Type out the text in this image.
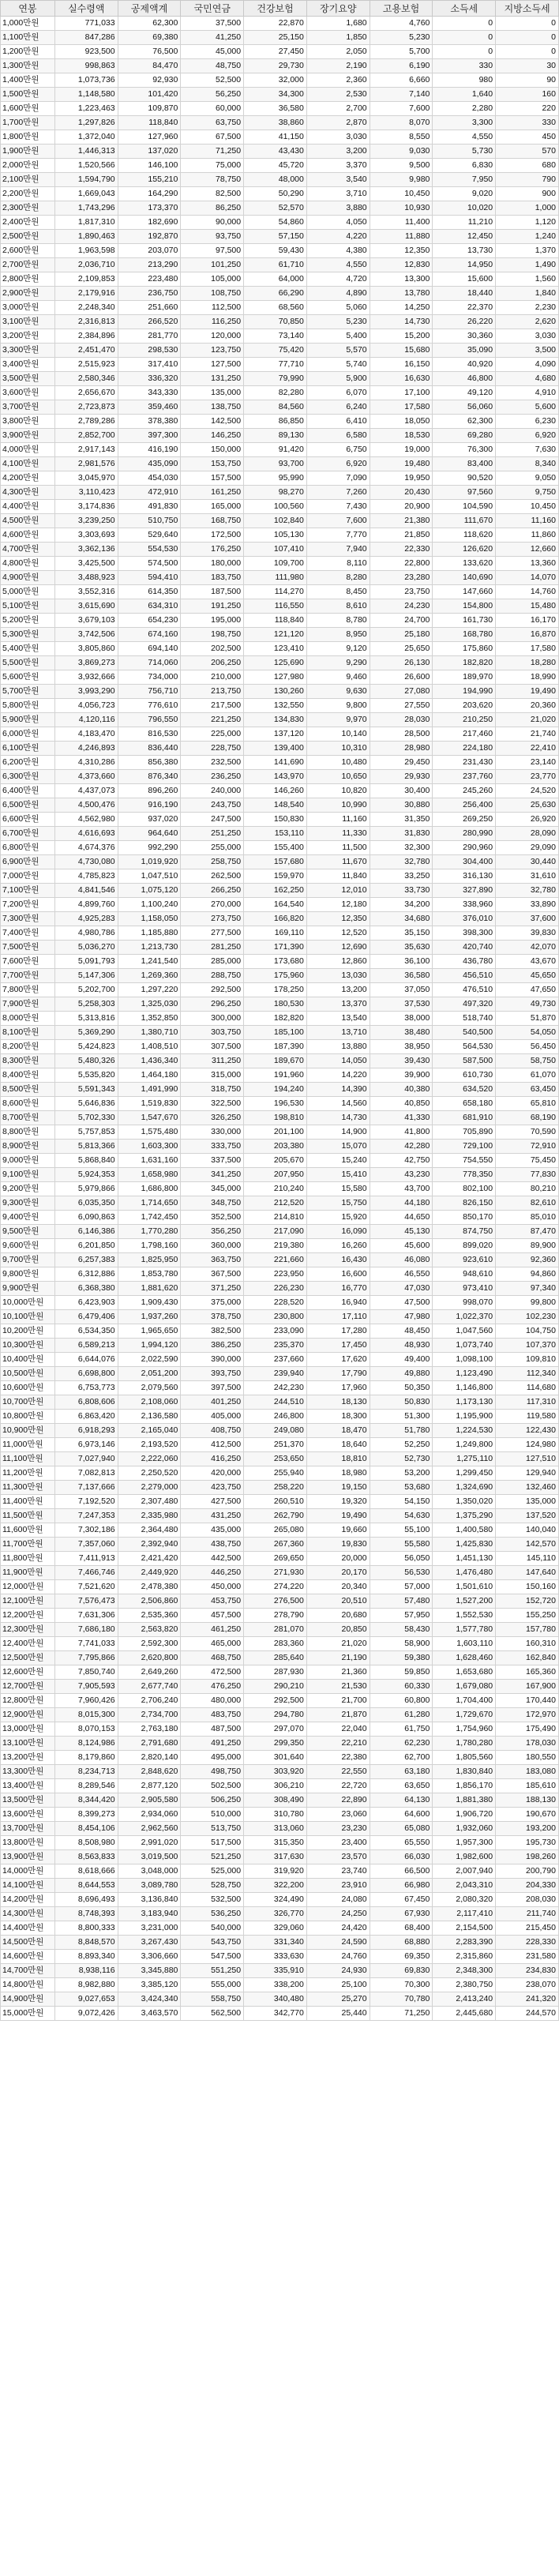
연봉	실수령액	공제액계	국민연금	건강보험	장기요양	고용보험	소득세	지방소득세
1,000만원	771,033	62,300	37,500	22,870	1,680	4,760	0	0
1,100만원	847,286	69,380	41,250	25,150	1,850	5,230	0	0
1,200만원	923,500	76,500	45,000	27,450	2,050	5,700	0	0
1,300만원	998,863	84,470	48,750	29,730	2,190	6,190	330	30
1,400만원	1,073,736	92,930	52,500	32,000	2,360	6,660	980	90
1,500만원	1,148,580	101,420	56,250	34,300	2,530	7,140	1,640	160
1,600만원	1,223,463	109,870	60,000	36,580	2,700	7,600	2,280	220
1,700만원	1,297,826	118,840	63,750	38,860	2,870	8,070	3,300	330
1,800만원	1,372,040	127,960	67,500	41,150	3,030	8,550	4,550	450
1,900만원	1,446,313	137,020	71,250	43,430	3,200	9,030	5,730	570
2,000만원	1,520,566	146,100	75,000	45,720	3,370	9,500	6,830	680
2,100만원	1,594,790	155,210	78,750	48,000	3,540	9,980	7,950	790
2,200만원	1,669,043	164,290	82,500	50,290	3,710	10,450	9,020	900
2,300만원	1,743,296	173,370	86,250	52,570	3,880	10,930	10,020	1,000
2,400만원	1,817,310	182,690	90,000	54,860	4,050	11,400	11,210	1,120
2,500만원	1,890,463	192,870	93,750	57,150	4,220	11,880	12,450	1,240
2,600만원	1,963,598	203,070	97,500	59,430	4,380	12,350	13,730	1,370
2,700만원	2,036,710	213,290	101,250	61,710	4,550	12,830	14,950	1,490
2,800만원	2,109,853	223,480	105,000	64,000	4,720	13,300	15,600	1,560
2,900만원	2,179,916	236,750	108,750	66,290	4,890	13,780	18,440	1,840
3,000만원	2,248,340	251,660	112,500	68,560	5,060	14,250	22,370	2,230
3,100만원	2,316,813	266,520	116,250	70,850	5,230	14,730	26,220	2,620
3,200만원	2,384,896	281,770	120,000	73,140	5,400	15,200	30,360	3,030
3,300만원	2,451,470	298,530	123,750	75,420	5,570	15,680	35,090	3,500
3,400만원	2,515,923	317,410	127,500	77,710	5,740	16,150	40,920	4,090
3,500만원	2,580,346	336,320	131,250	79,990	5,900	16,630	46,800	4,680
3,600만원	2,656,670	343,330	135,000	82,280	6,070	17,100	49,120	4,910
3,700만원	2,723,873	359,460	138,750	84,560	6,240	17,580	56,060	5,600
3,800만원	2,789,286	378,380	142,500	86,850	6,410	18,050	62,300	6,230
3,900만원	2,852,700	397,300	146,250	89,130	6,580	18,530	69,280	6,920
4,000만원	2,917,143	416,190	150,000	91,420	6,750	19,000	76,300	7,630
4,100만원	2,981,576	435,090	153,750	93,700	6,920	19,480	83,400	8,340
4,200만원	3,045,970	454,030	157,500	95,990	7,090	19,950	90,520	9,050
4,300만원	3,110,423	472,910	161,250	98,270	7,260	20,430	97,560	9,750
4,400만원	3,174,836	491,830	165,000	100,560	7,430	20,900	104,590	10,450
4,500만원	3,239,250	510,750	168,750	102,840	7,600	21,380	111,670	11,160
4,600만원	3,303,693	529,640	172,500	105,130	7,770	21,850	118,620	11,860
4,700만원	3,362,136	554,530	176,250	107,410	7,940	22,330	126,620	12,660
4,800만원	3,425,500	574,500	180,000	109,700	8,110	22,800	133,620	13,360
4,900만원	3,488,923	594,410	183,750	111,980	8,280	23,280	140,690	14,070
5,000만원	3,552,316	614,350	187,500	114,270	8,450	23,750	147,660	14,760
5,100만원	3,615,690	634,310	191,250	116,550	8,610	24,230	154,800	15,480
5,200만원	3,679,103	654,230	195,000	118,840	8,780	24,700	161,730	16,170
5,300만원	3,742,506	674,160	198,750	121,120	8,950	25,180	168,780	16,870
5,400만원	3,805,860	694,140	202,500	123,410	9,120	25,650	175,860	17,580
5,500만원	3,869,273	714,060	206,250	125,690	9,290	26,130	182,820	18,280
5,600만원	3,932,666	734,000	210,000	127,980	9,460	26,600	189,970	18,990
5,700만원	3,993,290	756,710	213,750	130,260	9,630	27,080	194,990	19,490
5,800만원	4,056,723	776,610	217,500	132,550	9,800	27,550	203,620	20,360
5,900만원	4,120,116	796,550	221,250	134,830	9,970	28,030	210,250	21,020
6,000만원	4,183,470	816,530	225,000	137,120	10,140	28,500	217,460	21,740
6,100만원	4,246,893	836,440	228,750	139,400	10,310	28,980	224,180	22,410
6,200만원	4,310,286	856,380	232,500	141,690	10,480	29,450	231,430	23,140
6,300만원	4,373,660	876,340	236,250	143,970	10,650	29,930	237,760	23,770
6,400만원	4,437,073	896,260	240,000	146,260	10,820	30,400	245,260	24,520
6,500만원	4,500,476	916,190	243,750	148,540	10,990	30,880	256,400	25,630
6,600만원	4,562,980	937,020	247,500	150,830	11,160	31,350	269,250	26,920
6,700만원	4,616,693	964,640	251,250	153,110	11,330	31,830	280,990	28,090
6,800만원	4,674,376	992,290	255,000	155,400	11,500	32,300	290,960	29,090
6,900만원	4,730,080	1,019,920	258,750	157,680	11,670	32,780	304,400	30,440
7,000만원	4,785,823	1,047,510	262,500	159,970	11,840	33,250	316,130	31,610
7,100만원	4,841,546	1,075,120	266,250	162,250	12,010	33,730	327,890	32,780
7,200만원	4,899,760	1,100,240	270,000	164,540	12,180	34,200	338,960	33,890
7,300만원	4,925,283	1,158,050	273,750	166,820	12,350	34,680	376,010	37,600
7,400만원	4,980,786	1,185,880	277,500	169,110	12,520	35,150	398,300	39,830
7,500만원	5,036,270	1,213,730	281,250	171,390	12,690	35,630	420,740	42,070
7,600만원	5,091,793	1,241,540	285,000	173,680	12,860	36,100	436,780	43,670
7,700만원	5,147,306	1,269,360	288,750	175,960	13,030	36,580	456,510	45,650
7,800만원	5,202,700	1,297,220	292,500	178,250	13,200	37,050	476,510	47,650
7,900만원	5,258,303	1,325,030	296,250	180,530	13,370	37,530	497,320	49,730
8,000만원	5,313,816	1,352,850	300,000	182,820	13,540	38,000	518,740	51,870
8,100만원	5,369,290	1,380,710	303,750	185,100	13,710	38,480	540,500	54,050
8,200만원	5,424,823	1,408,510	307,500	187,390	13,880	38,950	564,530	56,450
8,300만원	5,480,326	1,436,340	311,250	189,670	14,050	39,430	587,500	58,750
8,400만원	5,535,820	1,464,180	315,000	191,960	14,220	39,900	610,730	61,070
8,500만원	5,591,343	1,491,990	318,750	194,240	14,390	40,380	634,520	63,450
8,600만원	5,646,836	1,519,830	322,500	196,530	14,560	40,850	658,180	65,810
8,700만원	5,702,330	1,547,670	326,250	198,810	14,730	41,330	681,910	68,190
8,800만원	5,757,853	1,575,480	330,000	201,100	14,900	41,800	705,890	70,590
8,900만원	5,813,366	1,603,300	333,750	203,380	15,070	42,280	729,100	72,910
9,000만원	5,868,840	1,631,160	337,500	205,670	15,240	42,750	754,550	75,450
9,100만원	5,924,353	1,658,980	341,250	207,950	15,410	43,230	778,350	77,830
9,200만원	5,979,866	1,686,800	345,000	210,240	15,580	43,700	802,100	80,210
9,300만원	6,035,350	1,714,650	348,750	212,520	15,750	44,180	826,150	82,610
9,400만원	6,090,863	1,742,450	352,500	214,810	15,920	44,650	850,170	85,010
9,500만원	6,146,386	1,770,280	356,250	217,090	16,090	45,130	874,750	87,470
9,600만원	6,201,850	1,798,160	360,000	219,380	16,260	45,600	899,020	89,900
9,700만원	6,257,383	1,825,950	363,750	221,660	16,430	46,080	923,610	92,360
9,800만원	6,312,886	1,853,780	367,500	223,950	16,600	46,550	948,610	94,860
9,900만원	6,368,380	1,881,620	371,250	226,230	16,770	47,030	973,410	97,340
10,000만원	6,423,903	1,909,430	375,000	228,520	16,940	47,500	998,070	99,800
10,100만원	6,479,406	1,937,260	378,750	230,800	17,110	47,980	1,022,370	102,230
10,200만원	6,534,350	1,965,650	382,500	233,090	17,280	48,450	1,047,560	104,750
10,300만원	6,589,213	1,994,120	386,250	235,370	17,450	48,930	1,073,740	107,370
10,400만원	6,644,076	2,022,590	390,000	237,660	17,620	49,400	1,098,100	109,810
10,500만원	6,698,800	2,051,200	393,750	239,940	17,790	49,880	1,123,490	112,340
10,600만원	6,753,773	2,079,560	397,500	242,230	17,960	50,350	1,146,800	114,680
10,700만원	6,808,606	2,108,060	401,250	244,510	18,130	50,830	1,173,130	117,310
10,800만원	6,863,420	2,136,580	405,000	246,800	18,300	51,300	1,195,900	119,580
10,900만원	6,918,293	2,165,040	408,750	249,080	18,470	51,780	1,224,530	122,430
11,000만원	6,973,146	2,193,520	412,500	251,370	18,640	52,250	1,249,800	124,980
11,100만원	7,027,940	2,222,060	416,250	253,650	18,810	52,730	1,275,110	127,510
11,200만원	7,082,813	2,250,520	420,000	255,940	18,980	53,200	1,299,450	129,940
11,300만원	7,137,666	2,279,000	423,750	258,220	19,150	53,680	1,324,690	132,460
11,400만원	7,192,520	2,307,480	427,500	260,510	19,320	54,150	1,350,020	135,000
11,500만원	7,247,353	2,335,980	431,250	262,790	19,490	54,630	1,375,290	137,520
11,600만원	7,302,186	2,364,480	435,000	265,080	19,660	55,100	1,400,580	140,040
11,700만원	7,357,060	2,392,940	438,750	267,360	19,830	55,580	1,425,830	142,570
11,800만원	7,411,913	2,421,420	442,500	269,650	20,000	56,050	1,451,130	145,110
11,900만원	7,466,746	2,449,920	446,250	271,930	20,170	56,530	1,476,480	147,640
12,000만원	7,521,620	2,478,380	450,000	274,220	20,340	57,000	1,501,610	150,160
12,100만원	7,576,473	2,506,860	453,750	276,500	20,510	57,480	1,527,200	152,720
12,200만원	7,631,306	2,535,360	457,500	278,790	20,680	57,950	1,552,530	155,250
12,300만원	7,686,180	2,563,820	461,250	281,070	20,850	58,430	1,577,780	157,780
12,400만원	7,741,033	2,592,300	465,000	283,360	21,020	58,900	1,603,110	160,310
12,500만원	7,795,866	2,620,800	468,750	285,640	21,190	59,380	1,628,460	162,840
12,600만원	7,850,740	2,649,260	472,500	287,930	21,360	59,850	1,653,680	165,360
12,700만원	7,905,593	2,677,740	476,250	290,210	21,530	60,330	1,679,080	167,900
12,800만원	7,960,426	2,706,240	480,000	292,500	21,700	60,800	1,704,400	170,440
12,900만원	8,015,300	2,734,700	483,750	294,780	21,870	61,280	1,729,670	172,970
13,000만원	8,070,153	2,763,180	487,500	297,070	22,040	61,750	1,754,960	175,490
13,100만원	8,124,986	2,791,680	491,250	299,350	22,210	62,230	1,780,280	178,030
13,200만원	8,179,860	2,820,140	495,000	301,640	22,380	62,700	1,805,560	180,550
13,300만원	8,234,713	2,848,620	498,750	303,920	22,550	63,180	1,830,840	183,080
13,400만원	8,289,546	2,877,120	502,500	306,210	22,720	63,650	1,856,170	185,610
13,500만원	8,344,420	2,905,580	506,250	308,490	22,890	64,130	1,881,380	188,130
13,600만원	8,399,273	2,934,060	510,000	310,780	23,060	64,600	1,906,720	190,670
13,700만원	8,454,106	2,962,560	513,750	313,060	23,230	65,080	1,932,060	193,200
13,800만원	8,508,980	2,991,020	517,500	315,350	23,400	65,550	1,957,300	195,730
13,900만원	8,563,833	3,019,500	521,250	317,630	23,570	66,030	1,982,600	198,260
14,000만원	8,618,666	3,048,000	525,000	319,920	23,740	66,500	2,007,940	200,790
14,100만원	8,644,553	3,089,780	528,750	322,200	23,910	66,980	2,043,310	204,330
14,200만원	8,696,493	3,136,840	532,500	324,490	24,080	67,450	2,080,320	208,030
14,300만원	8,748,393	3,183,940	536,250	326,770	24,250	67,930	2,117,410	211,740
14,400만원	8,800,333	3,231,000	540,000	329,060	24,420	68,400	2,154,500	215,450
14,500만원	8,848,570	3,267,430	543,750	331,340	24,590	68,880	2,283,390	228,330
14,600만원	8,893,340	3,306,660	547,500	333,630	24,760	69,350	2,315,860	231,580
14,700만원	8,938,116	3,345,880	551,250	335,910	24,930	69,830	2,348,300	234,830
14,800만원	8,982,880	3,385,120	555,000	338,200	25,100	70,300	2,380,750	238,070
14,900만원	9,027,653	3,424,340	558,750	340,480	25,270	70,780	2,413,240	241,320
15,000만원	9,072,426	3,463,570	562,500	342,770	25,440	71,250	2,445,680	244,570
